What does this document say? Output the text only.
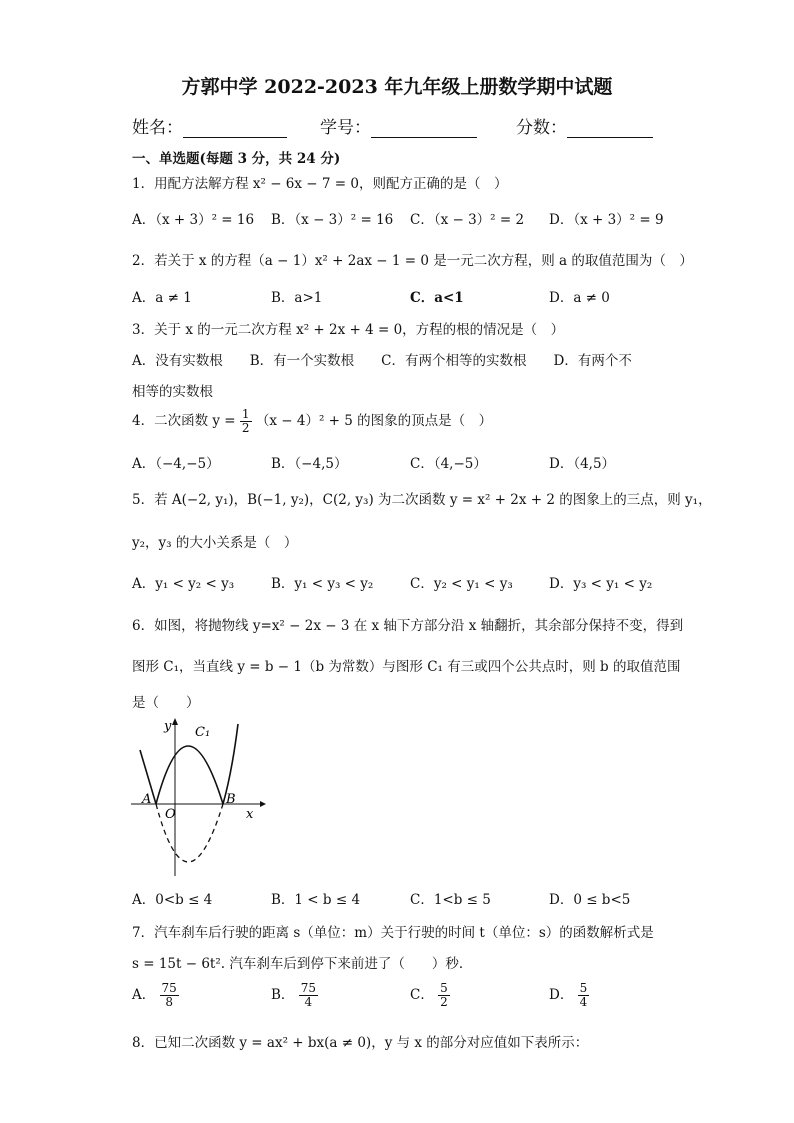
方郭中学 2022-2023 年九年级上册数学期中试题
姓名：	学号：	分数：
一、单选题(每题 3 分，共 24 分)
1．用配方法解方程 x² − 6x − 7 = 0，则配方正确的是（　）
A．（x + 3）² = 16 B．（x − 3）² = 16 C．（x − 3）² = 2 D．（x + 3）² = 9
2．若关于 x 的方程（a − 1）x² + 2ax − 1 = 0 是一元二次方程，则 a 的取值范围为（　）
A．a ≠ 1	B．a>1	C．a<1	D．a ≠ 0
3．关于 x 的一元二次方程 x² + 2x + 4 = 0，方程的根的情况是（　）
A．没有实数根　　B．有一个实数根　　C．有两个相等的实数根　　D．有两个不
相等的实数根
4．二次函数 $y = \frac{1}{2} (x - 4)^2 + 5$ 的图象的顶点是（　）
A．（−4,−5）	B．（−4,5）	C．（4,−5）	D．（4,5）
5．若 A(−2, y₁)，B(−1, y₂)，C(2, y₃) 为二次函数 y = x² + 2x + 2 的图象上的三点，则 y₁，
y₂，y₃ 的大小关系是（　）
A．y₁ < y₂ < y₃	B．y₁ < y₃ < y₂	C．y₂ < y₁ < y₃	D．y₃ < y₁ < y₂
6．如图，将抛物线 y=x² − 2x − 3 在 x 轴下方部分沿 x 轴翻折，其余部分保持不变，得到
图形 C₁，当直线 y = b − 1（b 为常数）与图形 C₁ 有三或四个公共点时，则 b 的取值范围
是（　　）
y C₁
A
O
B
x
A．0<b ≤ 4	B．1 < b ≤ 4	C．1<b ≤ 5	D．0 ≤ b<5
7．汽车刹车后行驶的距离 s（单位：m）关于行驶的时间 t（单位：s）的函数解析式是
s = 15t − 6t². 汽车刹车后到停下来前进了（　　）秒．
A． $\frac{75}{8}$	B． $\frac{75}{4}$	C． $\frac{5}{2}$	D． $\frac{5}{4}$
8．已知二次函数 y = ax² + bx(a ≠ 0)，y 与 x 的部分对应值如下表所示：
